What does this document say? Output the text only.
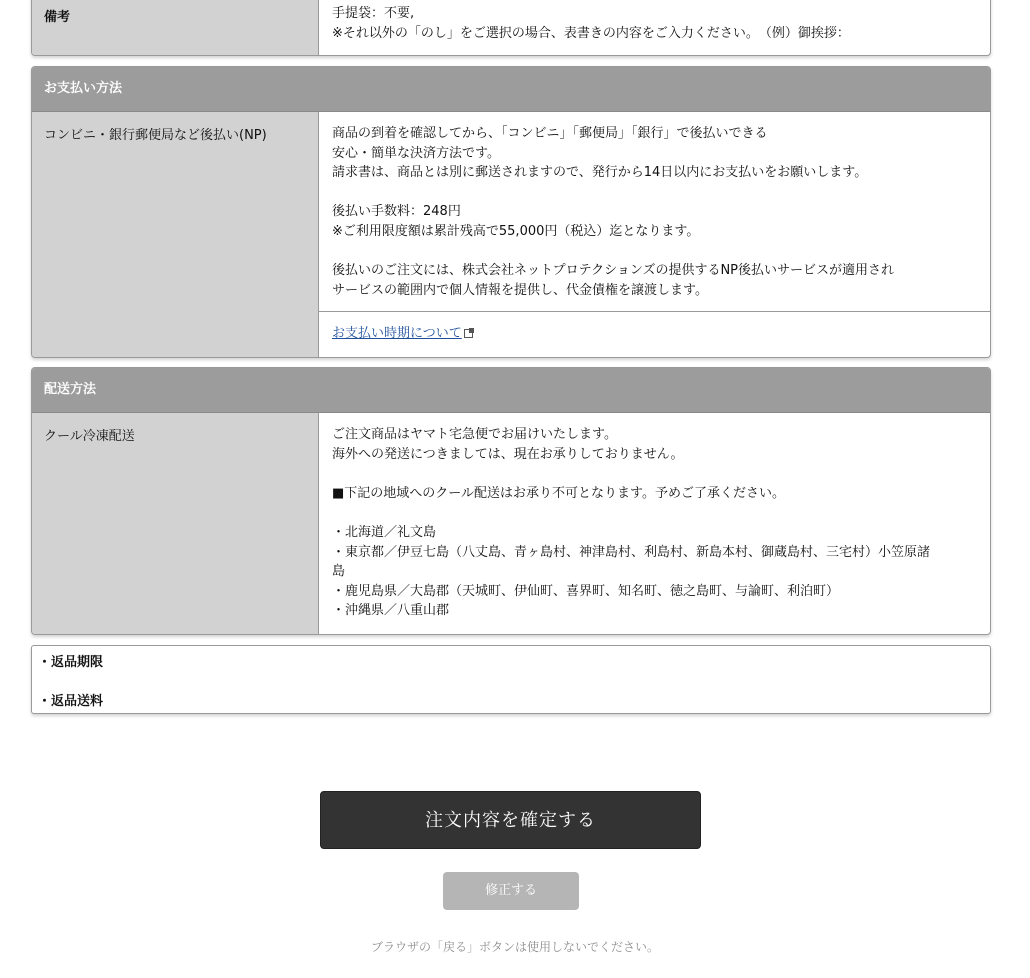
備考	手提袋：不要,
※それ以外の「のし」をご選択の場合、表書きの内容をご入力ください。　（例）御挨拶：
お支払い方法
コンビニ・銀行郵便局など後払い(NP)	商品の到着を確認してから、「コンビニ」「郵便局」「銀行」で後払いできる
安心・簡単な決済方法です。
請求書は、商品とは別に郵送されますので、発行から14日以内にお支払いをお願いします。
後払い手数料：248円
※ご利用限度額は累計残高で55,000円（税込）迄となります。
後払いのご注文には、株式会社ネットプロテクションズの提供するNP後払いサービスが適用され
サービスの範囲内で個人情報を提供し、代金債権を譲渡します。
お支払い時期について
配送方法
クール冷凍配送	ご注文商品はヤマト宅急便でお届けいたします。
海外への発送につきましては、現在お承りしておりません。
■下記の地域へのクール配送はお承り不可となります。予めご了承ください。
・北海道／礼文島
・東京都／伊豆七島（八丈島、青ヶ島村、神津島村、利島村、新島本村、御蔵島村、三宅村）小笠原諸
島
・鹿児島県／大島郡（天城町、伊仙町、喜界町、知名町、徳之島町、与論町、利泊町）
・沖縄県／八重山郡
・返品期限
・返品送料
注文内容を確定する
修正する
ブラウザの「戻る」ボタンは使用しないでください。
